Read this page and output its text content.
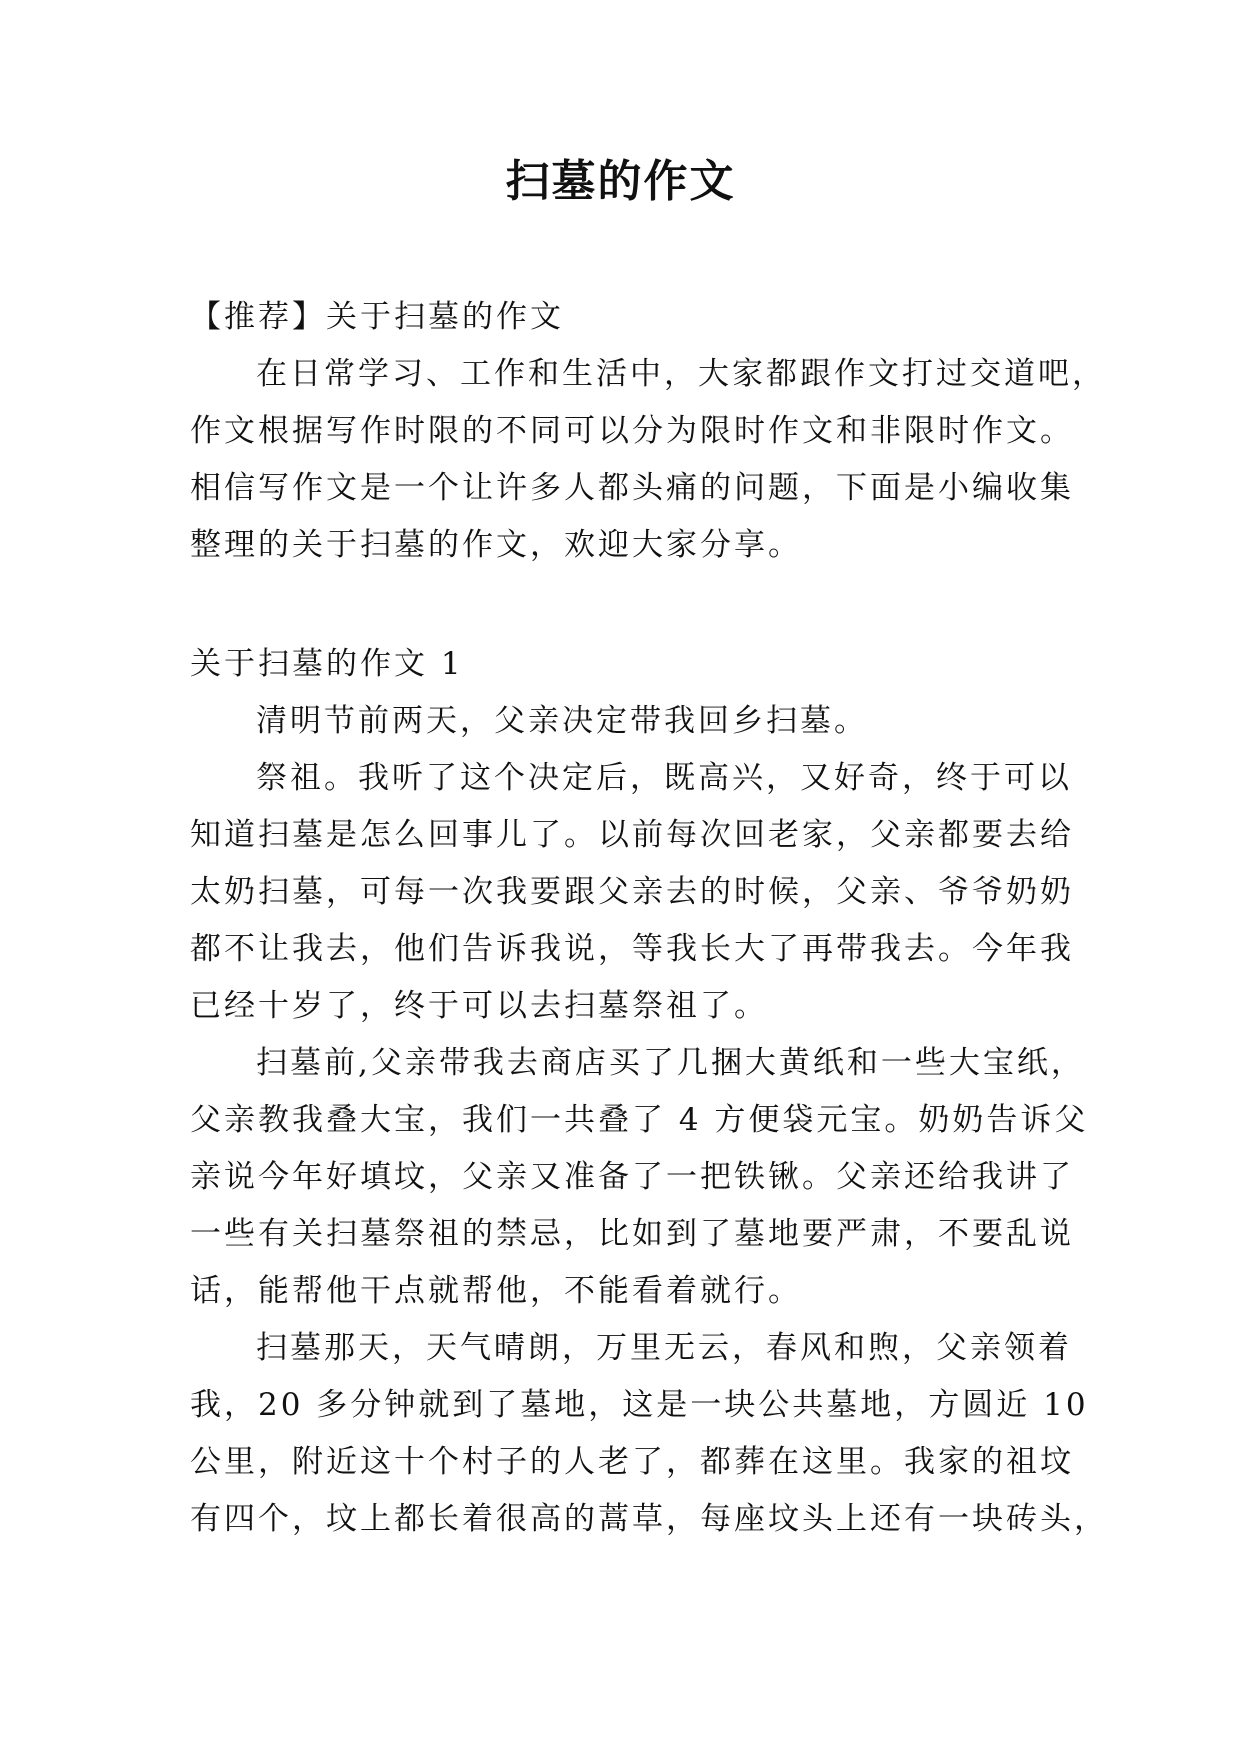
扫墓的作文
【推荐】关于扫墓的作文
在日常学习、工作和生活中，大家都跟作文打过交道吧，
作文根据写作时限的不同可以分为限时作文和非限时作文。
相信写作文是一个让许多人都头痛的问题，下面是小编收集
整理的关于扫墓的作文，欢迎大家分享。
关于扫墓的作文 1
清明节前两天，父亲决定带我回乡扫墓。
祭祖。我听了这个决定后，既高兴，又好奇，终于可以
知道扫墓是怎么回事儿了。以前每次回老家，父亲都要去给
太奶扫墓，可每一次我要跟父亲去的时候，父亲、爷爷奶奶
都不让我去，他们告诉我说，等我长大了再带我去。今年我
已经十岁了，终于可以去扫墓祭祖了。
扫墓前,父亲带我去商店买了几捆大黄纸和一些大宝纸，
父亲教我叠大宝，我们一共叠了 4 方便袋元宝。奶奶告诉父
亲说今年好填坟，父亲又准备了一把铁锹。父亲还给我讲了
一些有关扫墓祭祖的禁忌，比如到了墓地要严肃，不要乱说
话，能帮他干点就帮他，不能看着就行。
扫墓那天，天气晴朗，万里无云，春风和煦，父亲领着
我，20 多分钟就到了墓地，这是一块公共墓地，方圆近 10
公里，附近这十个村子的人老了，都葬在这里。我家的祖坟
有四个，坟上都长着很高的蒿草，每座坟头上还有一块砖头，
